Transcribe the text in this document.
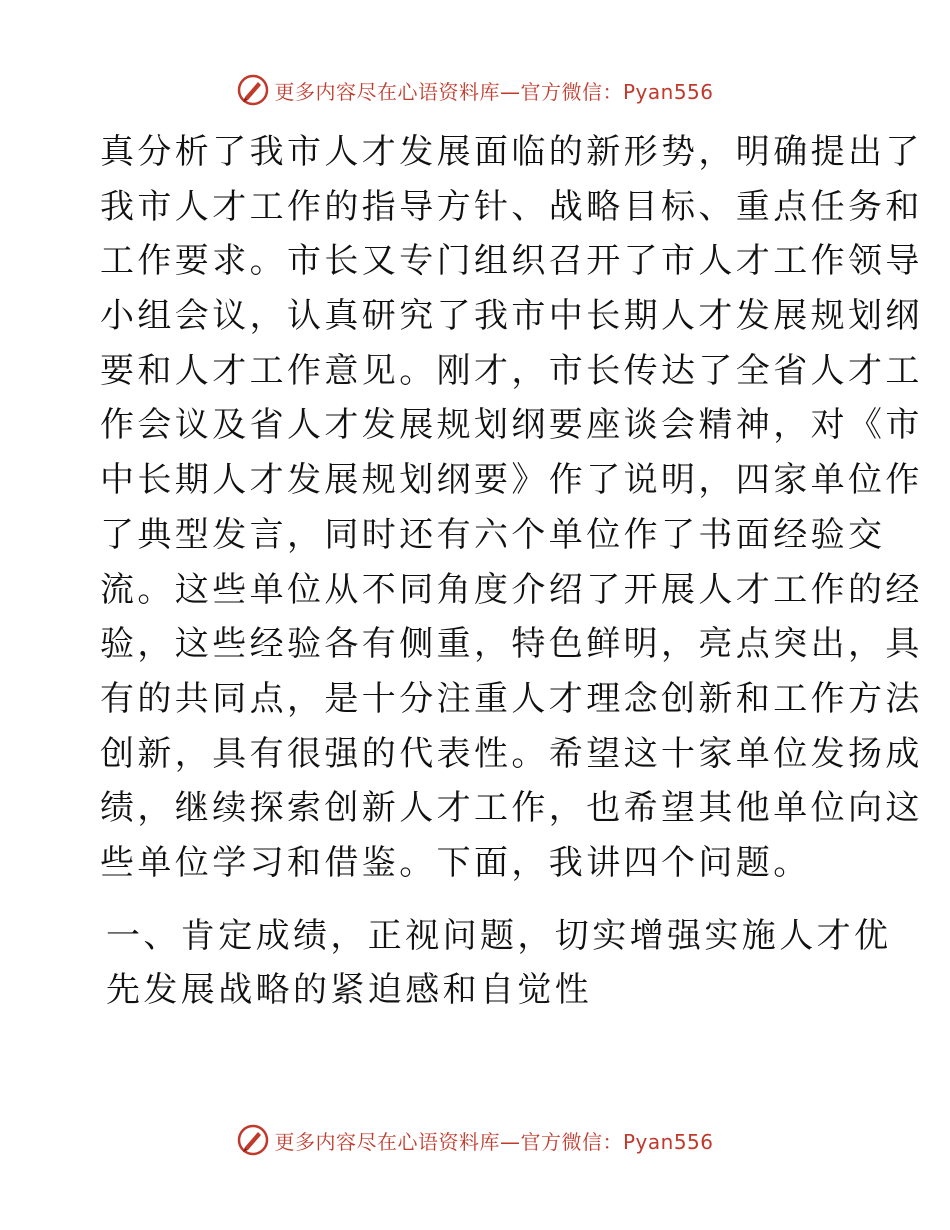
更多内容尽在心语资料库—官方微信：Pyan556
真分析了我市人才发展面临的新形势，明确提出了
我市人才工作的指导方针、战略目标、重点任务和
工作要求。市长又专门组织召开了市人才工作领导
小组会议，认真研究了我市中长期人才发展规划纲
要和人才工作意见。刚才，市长传达了全省人才工
作会议及省人才发展规划纲要座谈会精神，对《市
中长期人才发展规划纲要》作了说明，四家单位作
了典型发言，同时还有六个单位作了书面经验交
流。这些单位从不同角度介绍了开展人才工作的经
验，这些经验各有侧重，特色鲜明，亮点突出，具
有的共同点，是十分注重人才理念创新和工作方法
创新，具有很强的代表性。希望这十家单位发扬成
绩，继续探索创新人才工作，也希望其他单位向这
些单位学习和借鉴。下面，我讲四个问题。
一、肯定成绩，正视问题，切实增强实施人才优
先发展战略的紧迫感和自觉性
更多内容尽在心语资料库—官方微信：Pyan556
